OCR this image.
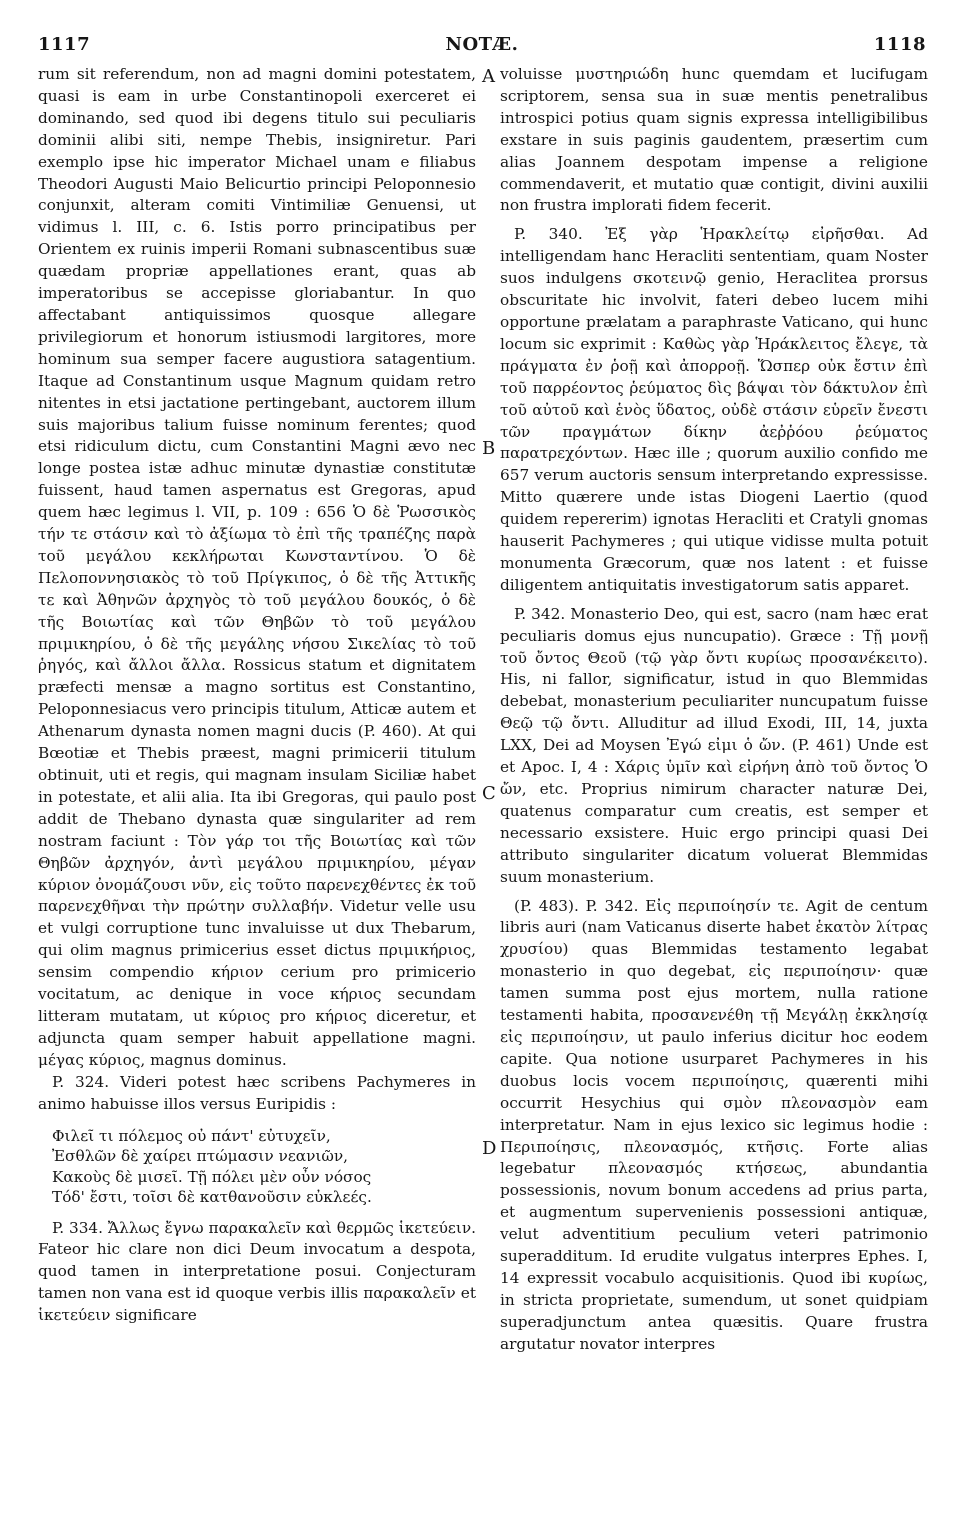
1117	NOTÆ.	1118
A
B
C
D

rum sit referendum, non ad magni domini potestatem, quasi is eam in urbe Constantinopoli exerceret ei dominando, sed quod ibi degens titulo sui peculiaris dominii alibi siti, nempe Thebis, insigniretur. Pari exemplo ipse hic imperator Michael unam e filiabus Theodori Augusti Maio Belicurtio principi Peloponnesio conjunxit, alteram comiti Vintimiliæ Genuensi, ut vidimus l. III, c. 6. Istis porro principatibus per Orientem ex ruinis imperii Romani subnascentibus suæ quædam propriæ appellationes erant, quas ab imperatoribus se accepisse gloriabantur. In quo affectabant antiquissimos quosque allegare privilegiorum et honorum istiusmodi largitores, more hominum sua semper facere augustiora satagentium. Itaque ad Constantinum usque Magnum quidam retro nitentes in etsi jactatione pertingebant, auctorem illum suis majoribus talium fuisse nominum ferentes; quod etsi ridiculum dictu, cum Constantini Magni ævo nec longe postea istæ adhuc minutæ dynastiæ constitutæ fuissent, haud tamen aspernatus est Gregoras, apud quem hæc legimus l. VII, p. 109 : 656 Ὁ δὲ Ῥωσσικὸς τήν τε στάσιν καὶ τὸ ἀξίωμα τὸ ἐπὶ τῆς τραπέζης παρὰ τοῦ μεγάλου κεκλήρωται Κωνσταντίνου. Ὁ δὲ Πελοποννησιακὸς τὸ τοῦ Πρίγκιπος, ὁ δὲ τῆς Ἀττικῆς τε καὶ Ἀθηνῶν ἀρχηγὸς τὸ τοῦ μεγάλου δουκός, ὁ δὲ τῆς Βοιωτίας καὶ τῶν Θηβῶν τὸ τοῦ μεγάλου πριμικηρίου, ὁ δὲ τῆς μεγάλης νήσου Σικελίας τὸ τοῦ ῥηγός, καὶ ἄλλοι ἄλλα. Rossicus statum et dignitatem præfecti mensæ a magno sortitus est Constantino, Peloponnesiacus vero principis titulum, Atticæ autem et Athenarum dynasta nomen magni ducis (P. 460). At qui Bœotiæ et Thebis præest, magni primicerii titulum obtinuit, uti et regis, qui magnam insulam Siciliæ habet in potestate, et alii alia. Ita ibi Gregoras, qui paulo post addit de Thebano dynasta quæ singulariter ad rem nostram faciunt : Τὸν γάρ τοι τῆς Βοιωτίας καὶ τῶν Θηβῶν ἀρχηγόν, ἀντὶ μεγάλου πριμικηρίου, μέγαν κύριον ὀνομάζουσι νῦν, εἰς τοῦτο παρενεχθέντες ἐκ τοῦ παρενεχθῆναι τὴν πρώτην συλλαβήν. Videtur velle usu et vulgi corruptione tunc invaluisse ut dux Thebarum, qui olim magnus primicerius esset dictus πριμικήριος, sensim compendio κήριον cerium pro primicerio vocitatum, ac denique in voce κήριος secundam litteram mutatam, ut κύριος pro κήριος diceretur, et adjuncta quam semper habuit appellatione magni. μέγας κύριος, magnus dominus.

P. 324. Videri potest hæc scribens Pachymeres in animo habuisse illos versus Euripidis :

Φιλεῖ τι πόλεμος οὐ πάντ' εὐτυχεῖν,
Ἐσθλῶν δὲ χαίρει πτώμασιν νεανιῶν,
Κακοὺς δὲ μισεῖ. Τῇ πόλει μὲν οὖν νόσος
Τόδ' ἔστι, τοῖσι δὲ κατθανοῦσιν εὐκλεές.

P. 334. Ἄλλως ἔγνω παρακαλεῖν καὶ θερμῶς ἱκετεύειν. Fateor hic clare non dici Deum invocatum a despota, quod tamen in interpretatione posui. Conjecturam tamen non vana est id quoque verbis illis παρακαλεῖν et ἱκετεύειν significare

voluisse μυστηριώδη hunc quemdam et lucifugam scriptorem, sensa sua in suæ mentis penetralibus introspici potius quam signis expressa intelligibilibus exstare in suis paginis gaudentem, præsertim cum alias Joannem despotam impense a religione commendaverit, et mutatio quæ contigit, divini auxilii non frustra implorati fidem fecerit.

P. 340. Ἐξ γὰρ Ἡρακλείτῳ εἰρῆσθαι. Ad intelligendam hanc Heracliti sententiam, quam Noster suos indulgens σκοτεινῷ genio, Heraclitea prorsus obscuritate hic involvit, fateri debeo lucem mihi opportune prælatam a paraphraste Vaticano, qui hunc locum sic exprimit : Καθὼς γὰρ Ἡράκλειτος ἔλεγε, τὰ πράγματα ἐν ῥοῇ καὶ ἀπορροῇ. Ὥσπερ οὐκ ἔστιν ἐπὶ τοῦ παρρέοντος ῥεύματος δὶς βάψαι τὸν δάκτυλον ἐπὶ τοῦ αὐτοῦ καὶ ἑνὸς ὕδατος, οὐδὲ στάσιν εὑρεῖν ἔνεστι τῶν πραγμάτων δίκην ἀεῤῥόου ῥεύματος παρατρεχόντων. Hæc ille ; quorum auxilio confido me 657 verum auctoris sensum interpretando expressisse. Mitto quærere unde istas Diogeni Laertio (quod quidem repererim) ignotas Heracliti et Cratyli gnomas hauserit Pachymeres ; qui utique vidisse multa potuit monumenta Græcorum, quæ nos latent : et fuisse diligentem antiquitatis investigatorum satis apparet.

P. 342. Monasterio Deo, qui est, sacro (nam hæc erat peculiaris domus ejus nuncupatio). Græce : Τῇ μονῇ τοῦ ὄντος Θεοῦ (τῷ γὰρ ὄντι κυρίως προσανέκειτο). His, ni fallor, significatur, istud in quo Blemmidas debebat, monasterium peculiariter nuncupatum fuisse Θεῷ τῷ ὄντι. Alluditur ad illud Exodi, III, 14, juxta LXX, Dei ad Moysen Ἐγώ εἰμι ὁ ὤν. (P. 461) Unde est et Apoc. I, 4 : Χάρις ὑμῖν καὶ εἰρήνη ἀπὸ τοῦ ὄντος Ὁ ὤν, etc. Proprius nimirum character naturæ Dei, quatenus comparatur cum creatis, est semper et necessario exsistere. Huic ergo principi quasi Dei attributo singulariter dicatum voluerat Blemmidas suum monasterium.

(P. 483). P. 342. Εἰς περιποίησίν τε. Agit de centum libris auri (nam Vaticanus diserte habet ἑκατὸν λίτρας χρυσίου) quas Blemmidas testamento legabat monasterio in quo degebat, εἰς περιποίησιν· quæ tamen summa post ejus mortem, nulla ratione testamenti habita, προσανενέθη τῇ Μεγάλῃ ἐκκλησίᾳ εἰς περιποίησιν, ut paulo inferius dicitur hoc eodem capite. Qua notione usurparet Pachymeres in his duobus locis vocem περιποίησις, quærenti mihi occurrit Hesychius qui σμὸν πλεονασμὸν eam interpretatur. Nam in ejus lexico sic legimus hodie : Περιποίησις, πλεονασμός, κτῆσις. Forte alias legebatur πλεονασμός κτήσεως, abundantia possessionis, novum bonum accedens ad prius parta, et augmentum supervenienis possessioni antiquæ, velut adventitium peculium veteri patrimonio superadditum. Id erudite vulgatus interpres Ephes. I, 14 expressit vocabulo acquisitionis. Quod ibi κυρίως, in stricta proprietate, sumendum, ut sonet quidpiam superadjunctum antea quæsitis. Quare frustra argutatur novator interpres
